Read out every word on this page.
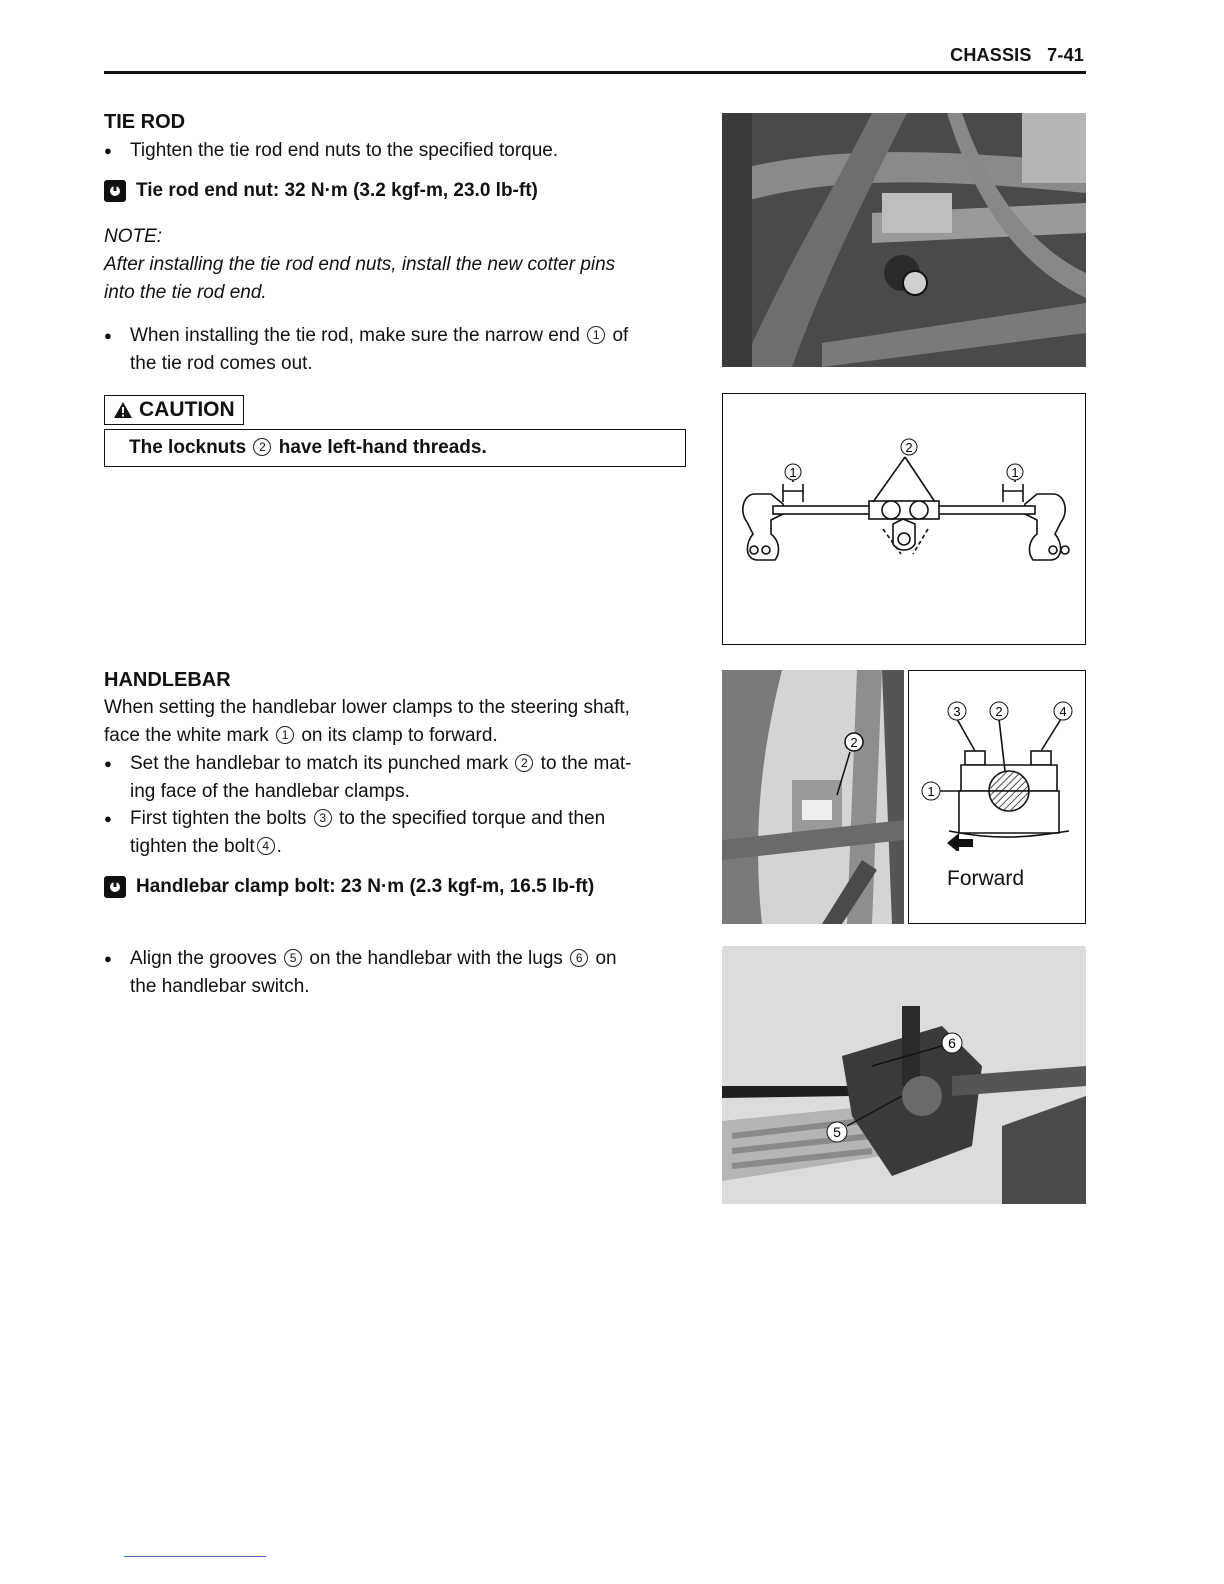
CHASSIS 7-41
TIE ROD
● Tighten the tie rod end nuts to the specified torque.
Tie rod end nut: 32 N·m (3.2 kgf-m, 23.0 lb-ft)
NOTE:
After installing the tie rod end nuts, install the new cotter pins
into the tie rod end.
● When installing the tie rod, make sure the narrow end 1 of
the tie rod comes out.
CAUTION
The locknuts 2 have left-hand threads.
1	1
2
HANDLEBAR
When setting the handlebar lower clamps to the steering shaft,
face the white mark 1 on its clamp to forward.
● Set the handlebar to match its punched mark 2 to the mat-
ing face of the handlebar clamps.
● First tighten the bolts 3 to the specified torque and then
tighten the bolt 4 .
Handlebar clamp bolt: 23 N·m (2.3 kgf-m, 16.5 lb-ft)
● Align the grooves 5 on the handlebar with the lugs 6 on
the handlebar switch.
2
3	2	4
1
Forward
6
5
